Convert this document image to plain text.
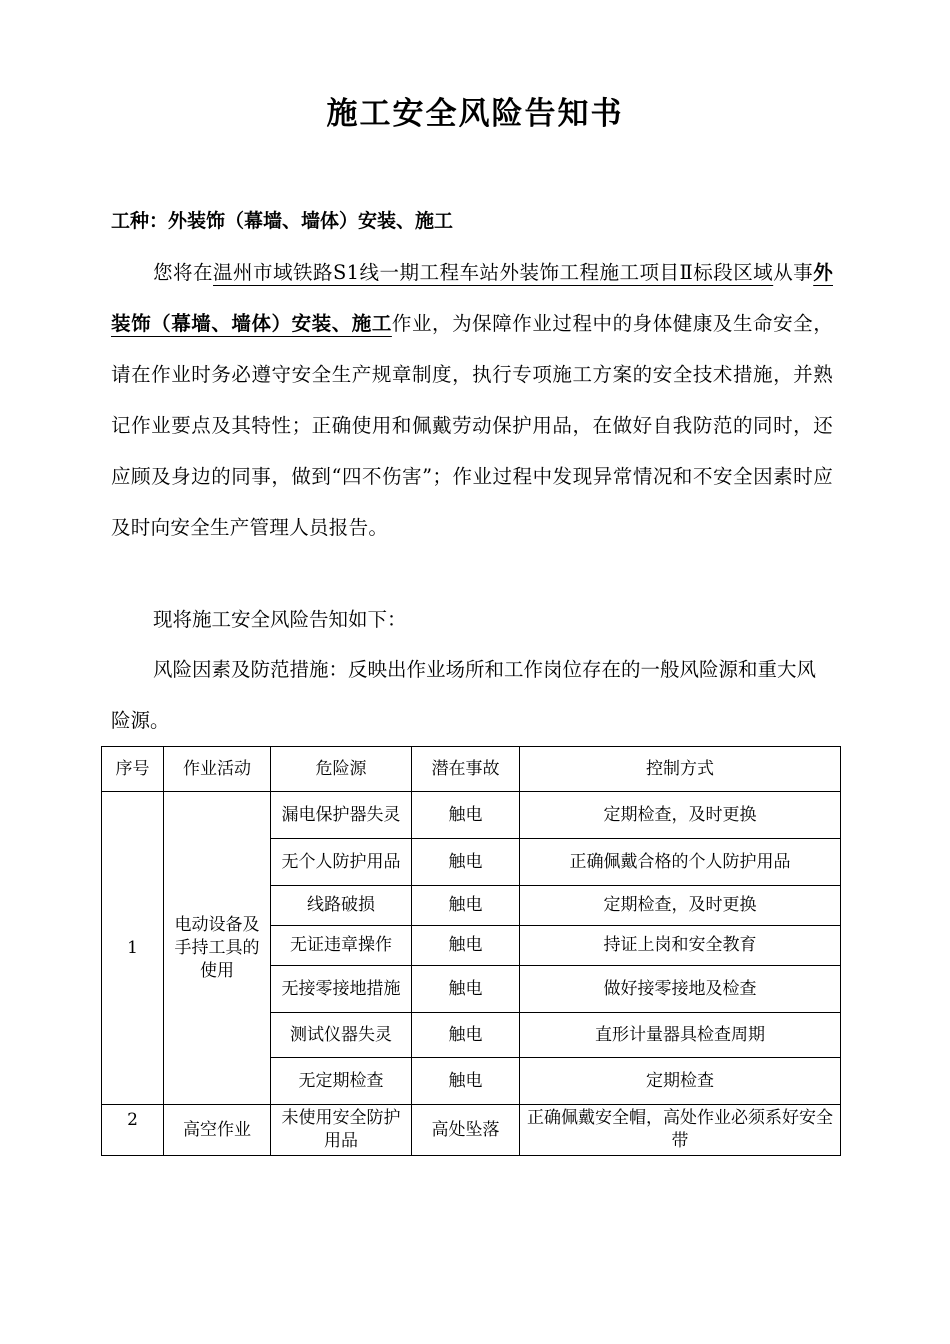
施工安全风险告知书
工种：外装饰（幕墙、墙体）安装、施工
您将在温州市域铁路S1线一期工程车站外装饰工程施工项目Ⅱ标段区域从事外装饰（幕墙、墙体）安装、施工作业，为保障作业过程中的身体健康及生命安全，请在作业时务必遵守安全生产规章制度，执行专项施工方案的安全技术措施，并熟记作业要点及其特性；正确使用和佩戴劳动保护用品，在做好自我防范的同时，还应顾及身边的同事，做到“四不伤害”；作业过程中发现异常情况和不安全因素时应及时向安全生产管理人员报告。
现将施工安全风险告知如下：
风险因素及防范措施：反映出作业场所和工作岗位存在的一般风险源和重大风险源。
序号	作业活动	危险源	潜在事故	控制方式
1	电动设备及手持工具的使用	漏电保护器失灵	触电	定期检查，及时更换
		无个人防护用品	触电	正确佩戴合格的个人防护用品
		线路破损	触电	定期检查，及时更换
		无证违章操作	触电	持证上岗和安全教育
		无接零接地措施	触电	做好接零接地及检查
		测试仪器失灵	触电	直形计量器具检查周期
		无定期检查	触电	定期检查
2	高空作业	未使用安全防护用品	高处坠落	正确佩戴安全帽，高处作业必须系好安全带
